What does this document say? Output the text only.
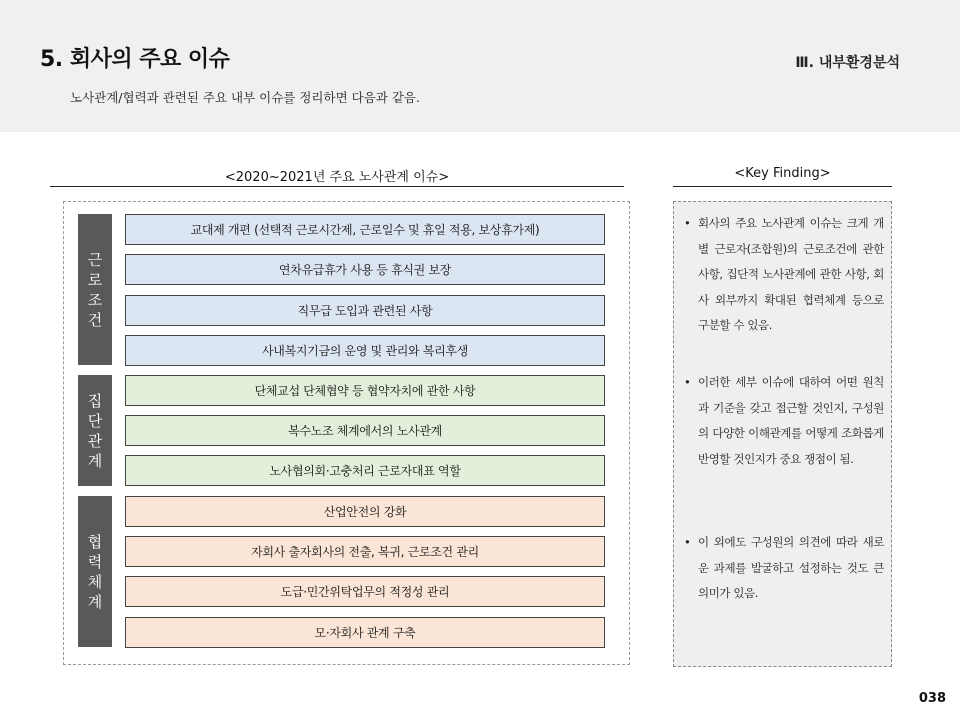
5. 회사의 주요 이슈	Ⅲ. 내부환경분석
노사관계/협력과 관련된 주요 내부 이슈를 정리하면 다음과 같음.
<2020~2021년 주요 노사관계 이슈>	<Key Finding>
근로조건
교대제 개편 (선택적 근로시간제, 근로일수 및 휴일 적용, 보상휴가제)
연차유급휴가 사용 등 휴식권 보장
직무급 도입과 관련된 사항
사내복지기금의 운영 및 관리와 복리후생
집단관계
단체교섭 단체협약 등 협약자치에 관한 사항
복수노조 체계에서의 노사관계
노사협의회·고충처리 근로자대표 역할
협력체계
산업안전의 강화
자회사 출자회사의 전출, 복귀, 근로조건 관리
도급·민간위탁업무의 적정성 관리
모·자회사 관계 구축
• 회사의 주요 노사관계 이슈는 크게 개별 근로자(조합원)의 근로조건에 관한 사항, 집단적 노사관계에 관한 사항, 회사 외부까지 확대된 협력체계 등으로 구분할 수 있음.
• 이러한 세부 이슈에 대하여 어떤 원칙과 기준을 갖고 접근할 것인지, 구성원의 다양한 이해관계를 어떻게 조화롭게 반영할 것인지가 중요 쟁점이 됨.
• 이 외에도 구성원의 의견에 따라 새로운 과제를 발굴하고 설정하는 것도 큰 의미가 있음.
038
